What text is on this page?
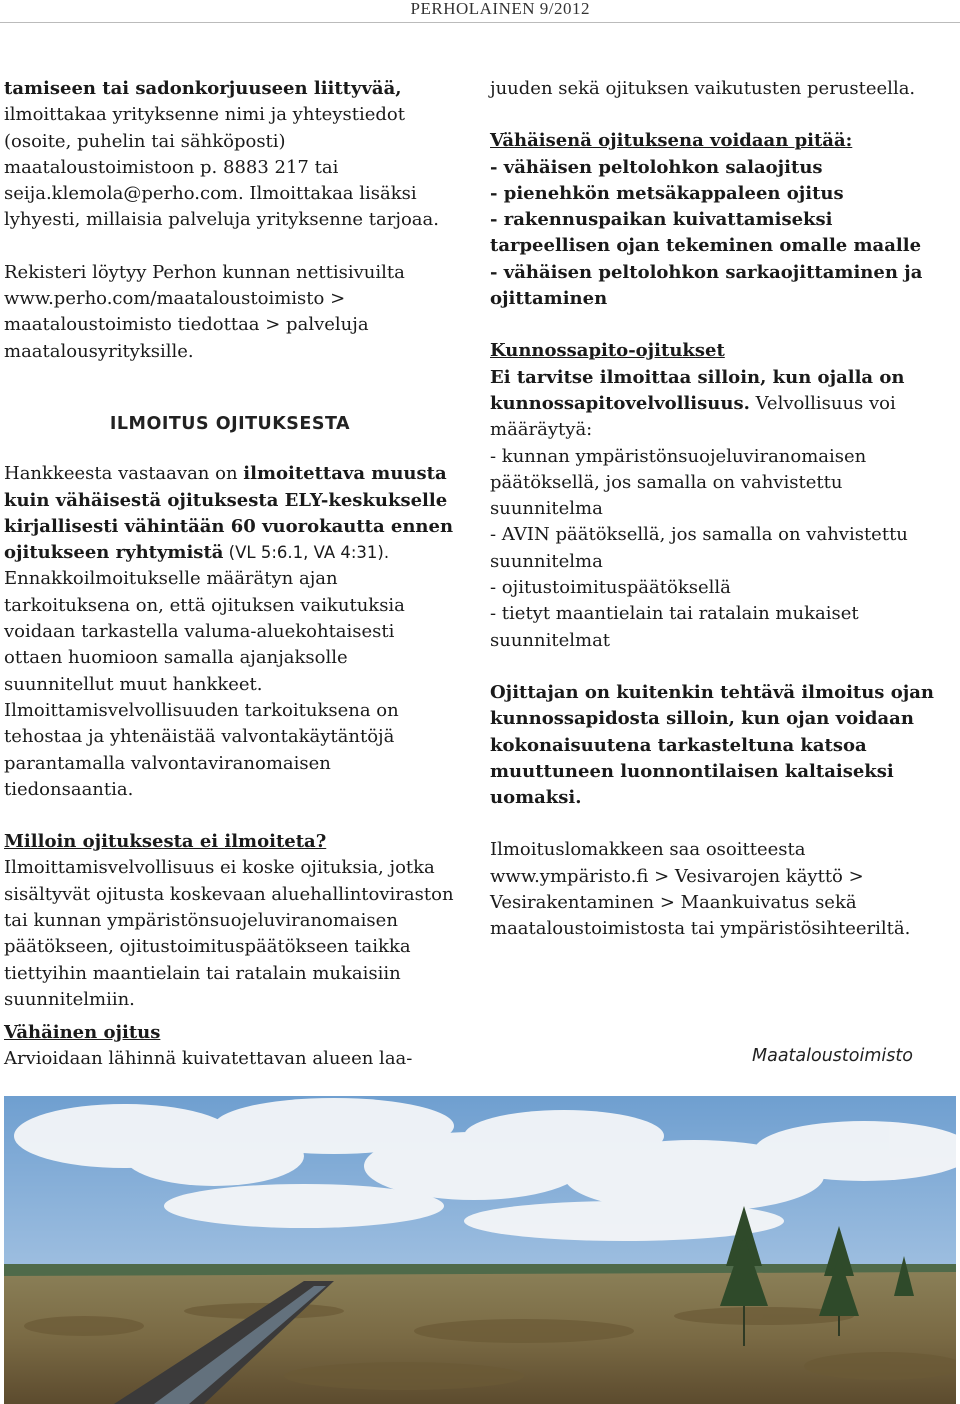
PERHOLAINEN 9/2012

tamiseen tai sadonkorjuuseen liittyvää, ilmoittakaa yrityksenne nimi ja yhteystiedot (osoite, puhelin tai sähköposti) maataloustoimistoon p. 8883 217 tai seija.klemola@perho.com. Ilmoittakaa lisäksi lyhyesti, millaisia palveluja yrityksenne tarjoaa.

Rekisteri löytyy Perhon kunnan nettisivuilta www.perho.com/maataloustoimisto > maataloustoimisto tiedottaa > palveluja maatalousyrityksille.

ILMOITUS OJITUKSESTA

Hankkeesta vastaavan on ilmoitettava muusta kuin vähäisestä ojituksesta ELY-keskukselle kirjallisesti vähintään 60 vuorokautta ennen ojitukseen ryhtymistä (VL 5:6.1, VA 4:31). Ennakkoilmoitukselle määrätyn ajan tarkoituksena on, että ojituksen vaikutuksia voidaan tarkastella valuma-aluekohtaisesti ottaen huomioon samalla ajanjaksolle suunnitellut muut hankkeet. Ilmoittamisvelvollisuuden tarkoituksena on tehostaa ja yhtenäistää valvontakäytäntöjä parantamalla valvontaviranomaisen tiedonsaantia.

Milloin ojituksesta ei ilmoiteta?

Ilmoittamisvelvollisuus ei koske ojituksia, jotka sisältyvät ojitusta koskevaan aluehallintoviraston tai kunnan ympäristönsuojeluviranomaisen päätökseen, ojitustoimituspäätökseen taikka tiettyihin maantielain tai ratalain mukaisiin suunnitelmiin.

Vähäinen ojitus

Arvioidaan lähinnä kuivatettavan alueen laa-

juuden sekä ojituksen vaikutusten perusteella.

Vähäisenä ojituksena voidaan pitää:

- vähäisen peltolohkon salaojitus

- pienehkön metsäkappaleen ojitus

- rakennuspaikan kuivattamiseksi tarpeellisen ojan tekeminen omalle maalle

- vähäisen peltolohkon sarkaojittaminen ja ojittaminen

Kunnossapito-ojitukset

Ei tarvitse ilmoittaa silloin, kun ojalla on kunnossapitovelvollisuus. Velvollisuus voi määräytyä:

- kunnan ympäristönsuojeluviranomaisen päätöksellä, jos samalla on vahvistettu suunnitelma

- AVIN päätöksellä, jos samalla on vahvistettu suunnitelma

- ojitustoimituspäätöksellä

- tietyt maantielain tai ratalain mukaiset suunnitelmat

Ojittajan on kuitenkin tehtävä ilmoitus ojan kunnossapidosta silloin, kun ojan voidaan kokonaisuutena tarkasteltuna katsoa muuttuneen luonnontilaisen kaltaiseksi uomaksi.

Ilmoituslomakkeen saa osoitteesta www.ympäristo.fi > Vesivarojen käyttö > Vesirakentaminen > Maankuivatus sekä maataloustoimistosta tai ympäristösihteeriltä.

Maataloustoimisto
